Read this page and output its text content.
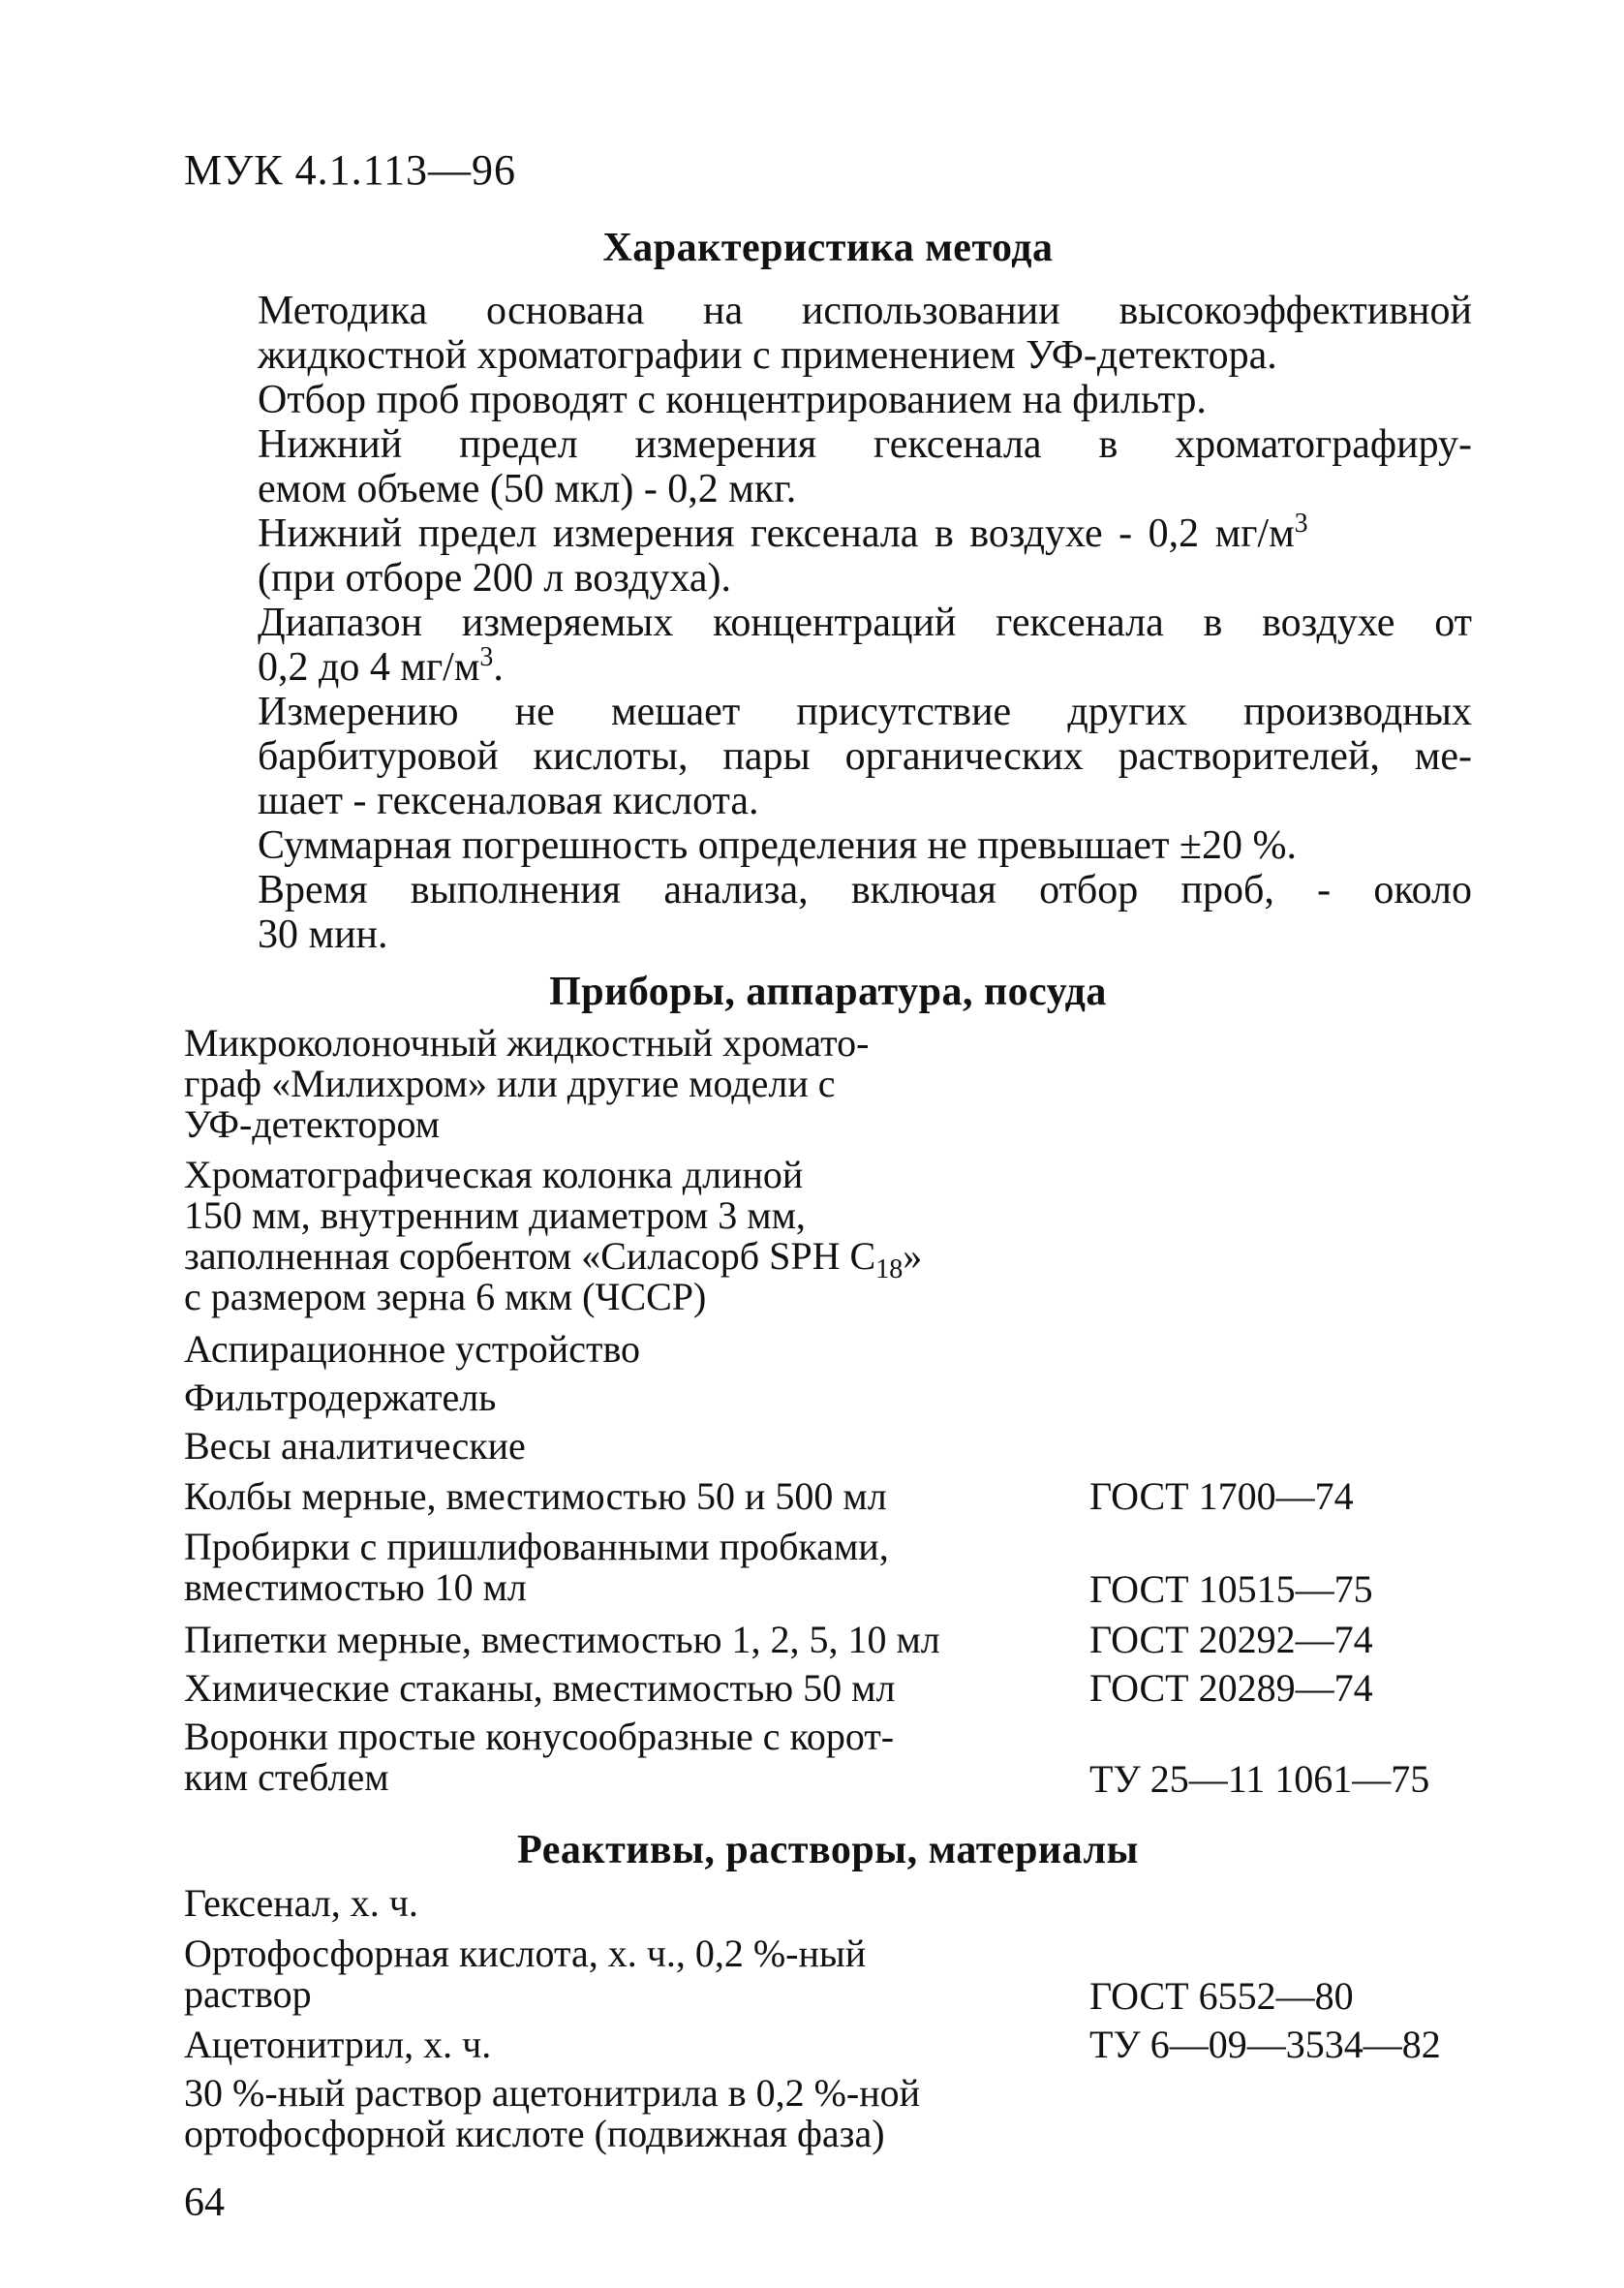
МУК 4.1.113—96
Характеристика метода
Методика основана на использовании высокоэффективной
жидкостной хроматографии с применением УФ-детектора.
Отбор проб проводят с концентрированием на фильтр.
Нижний предел измерения гексенала в хроматографиру-
емом объеме (50 мкл) - 0,2 мкг.
Нижний предел измерения гексенала в воздухе - 0,2 $мг/м^3$
(при отборе 200 л воздуха).
Диапазон измеряемых концентраций гексенала в воздухе от
0,2 до 4 $мг/м^3$.
Измерению не мешает присутствие других производных
барбитуровой кислоты, пары органических растворителей, ме-
шает - гексеналовая кислота.
Суммарная погрешность определения не превышает ±20 %.
Время выполнения анализа, включая отбор проб, - около
30 мин.
Приборы, аппаратура, посуда
Микроколоночный жидкостный хромато-
граф «Милихром» или другие модели с
УФ-детектором
Хроматографическая колонка длиной
150 мм, внутренним диаметром 3 мм,
заполненная сорбентом «Силасорб SPH $C_{18}$»
с размером зерна 6 мкм (ЧССР)
Аспирационное устройство
Фильтродержатель
Весы аналитические
Колбы мерные, вместимостью 50 и 500 мл	ГОСТ 1700—74
Пробирки с пришлифованными пробками,
вместимостью 10 мл	ГОСТ 10515—75
Пипетки мерные, вместимостью 1, 2, 5, 10 мл	ГОСТ 20292—74
Химические стаканы, вместимостью 50 мл	ГОСТ 20289—74
Воронки простые конусообразные с корот-
ким стеблем	ТУ 25—11 1061—75
Реактивы, растворы, материалы
Гексенал, х. ч.
Ортофосфорная кислота, х. ч., 0,2 %-ный
раствор	ГОСТ 6552—80
Ацетонитрил, х. ч.	ТУ 6—09—3534—82
30 %-ный раствор ацетонитрила в 0,2 %-ной
ортофосфорной кислоте (подвижная фаза)
64
